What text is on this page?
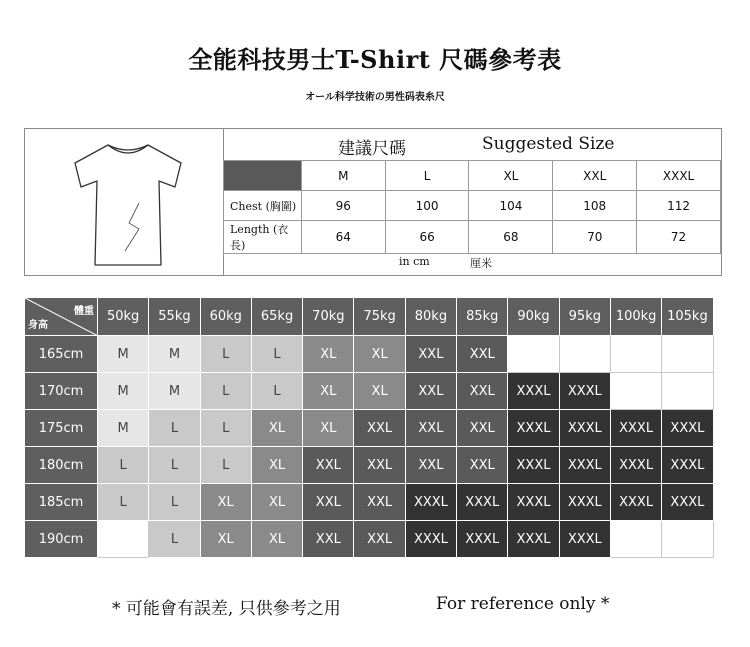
全能科技男士T-Shirt 尺碼參考表
オール科学技術の男性码表糸尺
建議尺碼	Suggested Size
	M	L	XL	XXL	XXXL
Chest (胸圍)	96	100	104	108	112
Length (衣長)	64	66	68	70	72
in cm	厘米
體重
身高	50kg	55kg	60kg	65kg	70kg	75kg	80kg	85kg	90kg	95kg	100kg	105kg
165cm	M	M	L	L	XL	XL	XXL	XXL				
170cm	M	M	L	L	XL	XL	XXL	XXL	XXXL	XXXL		
175cm	M	L	L	XL	XL	XXL	XXL	XXL	XXXL	XXXL	XXXL	XXXL
180cm	L	L	L	XL	XXL	XXL	XXL	XXL	XXXL	XXXL	XXXL	XXXL
185cm	L	L	XL	XL	XXL	XXL	XXXL	XXXL	XXXL	XXXL	XXXL	XXXL
190cm		L	XL	XL	XXL	XXL	XXXL	XXXL	XXXL	XXXL		
* 可能會有誤差, 只供參考之用	For reference only *
